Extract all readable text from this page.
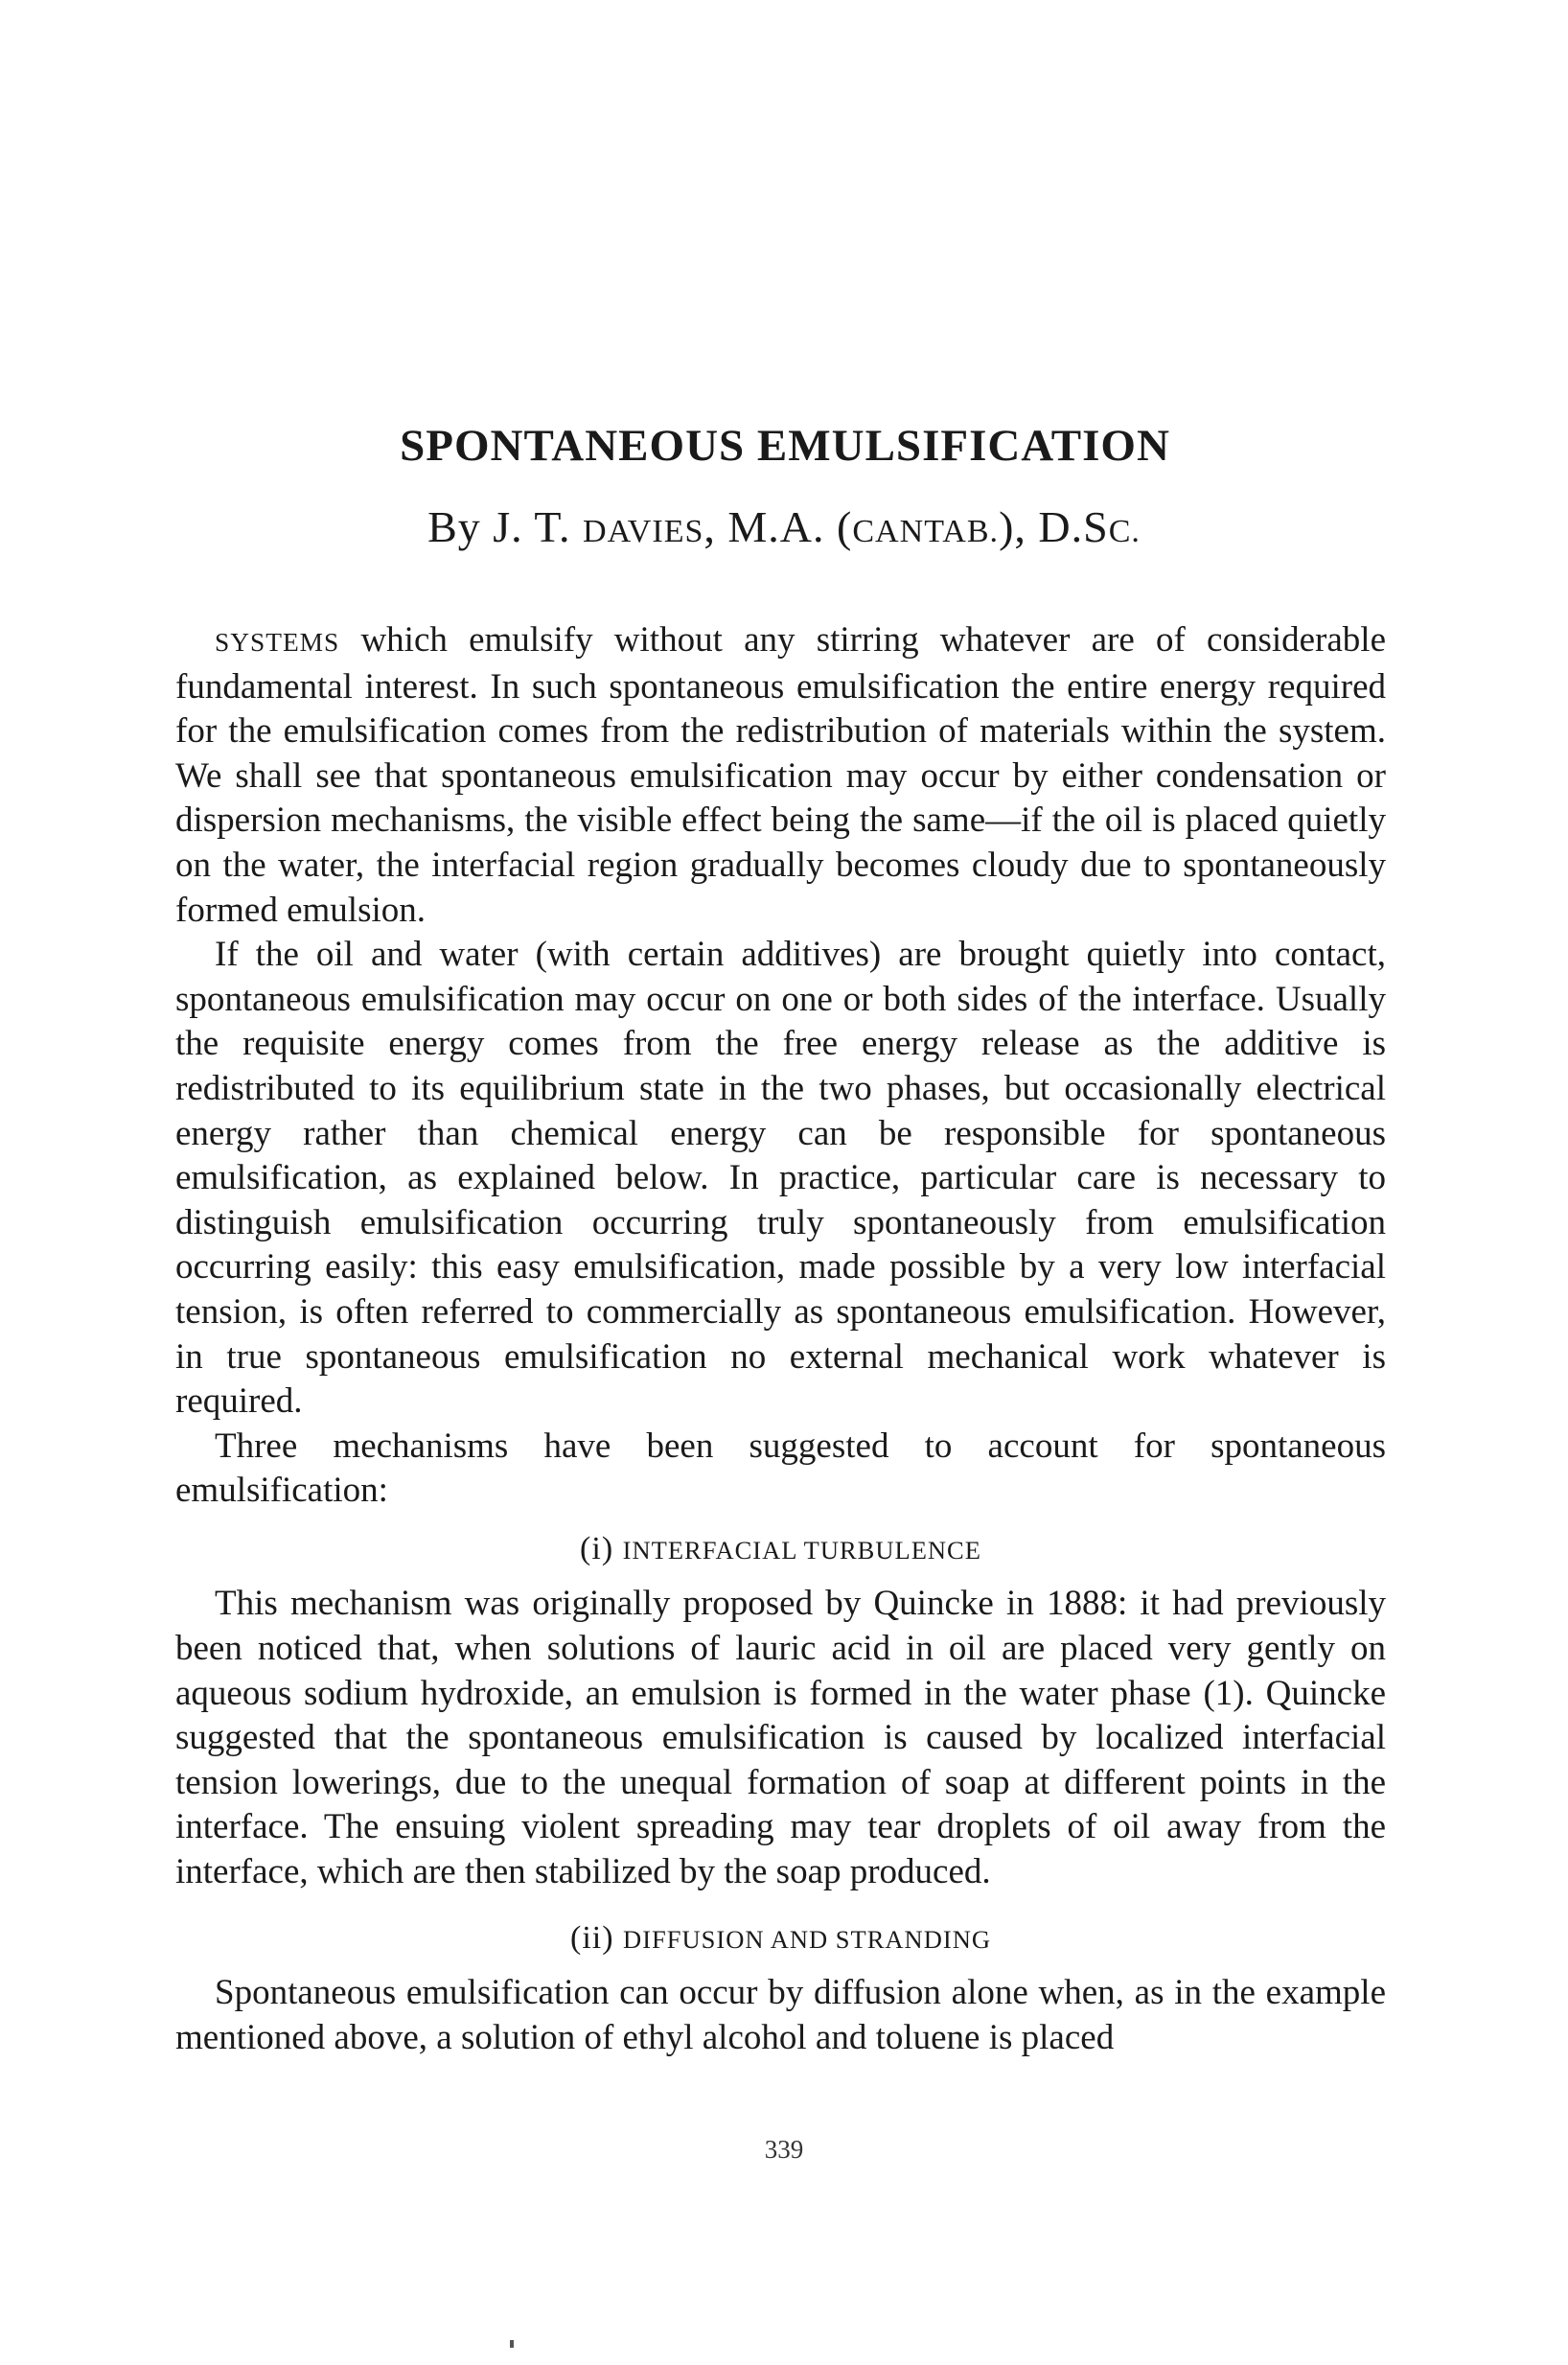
SPONTANEOUS EMULSIFICATION
By J. T. DAVIES, M.A. (CANTAB.), D.SC.

SYSTEMS which emulsify without any stirring whatever are of considerable fundamental interest. In such spontaneous emulsification the entire energy required for the emulsification comes from the redistribution of materials within the system. We shall see that spontaneous emulsification may occur by either condensation or dispersion mechanisms, the visible effect being the same—if the oil is placed quietly on the water, the interfacial region gradually becomes cloudy due to spontaneously formed emulsion.

If the oil and water (with certain additives) are brought quietly into contact, spontaneous emulsification may occur on one or both sides of the interface. Usually the requisite energy comes from the free energy release as the additive is redistributed to its equilibrium state in the two phases, but occasionally electrical energy rather than chemical energy can be responsible for spontaneous emulsification, as explained below. In practice, particular care is necessary to distinguish emulsification occurring truly spontaneously from emulsification occurring easily: this easy emulsification, made possible by a very low interfacial tension, is often referred to commercially as spontaneous emulsification. However, in true spontaneous emulsification no external mechanical work whatever is required.

Three mechanisms have been suggested to account for spontaneous emulsification:

(i) INTERFACIAL TURBULENCE

This mechanism was originally proposed by Quincke in 1888: it had previously been noticed that, when solutions of lauric acid in oil are placed very gently on aqueous sodium hydroxide, an emulsion is formed in the water phase (1). Quincke suggested that the spontaneous emulsification is caused by localized interfacial tension lowerings, due to the unequal formation of soap at different points in the interface. The ensuing violent spreading may tear droplets of oil away from the interface, which are then stabilized by the soap produced.

(ii) DIFFUSION AND STRANDING

Spontaneous emulsification can occur by diffusion alone when, as in the example mentioned above, a solution of ethyl alcohol and toluene is placed

339
